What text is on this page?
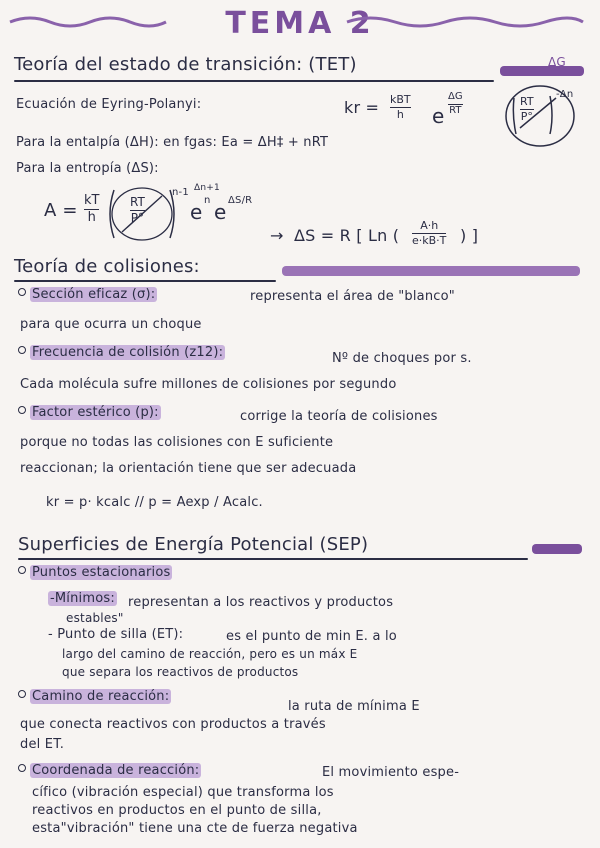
TEMA 2
Teoría del estado de transición: (TET)	ΔG
Ecuación de Eyring-Polanyi:	kr = kBT
h e
ΔG
RT
RT
P°
-Δn
Para la entalpía (ΔH): en fgas: Ea = ΔH‡ + nRT
Para la entropía (ΔS):
A = kT
h
RT
P°
n-1 Δn+1
e n e ΔS/R
→ ΔS = R [ Ln (
A·h
e·kB·T ) ]
Teoría de colisiones:
Sección eficaz (σ):	representa el área de "blanco"
para que ocurra un choque
Frecuencia de colisión (z12):	Nº de choques por s.
Cada molécula sufre millones de colisiones por segundo
Factor estérico (p):	corrige la teoría de colisiones
porque no todas las colisiones con E suficiente
reaccionan; la orientación tiene que ser adecuada
kr = p· kcalc // p = Aexp / Acalc.
Superficies de Energía Potencial (SEP)
Puntos estacionarios
-Mínimos: representan a los reactivos y productos
estables"
- Punto de silla (ET):	es el punto de min E. a lo
largo del camino de reacción, pero es un máx E
que separa los reactivos de productos
Camino de reacción:
la ruta de mínima E
que conecta reactivos con productos a través
del ET.
Coordenada de reacción:	El movimiento espe-
cífico (vibración especial) que transforma los
reactivos en productos en el punto de silla,
esta"vibración" tiene una cte de fuerza negativa
